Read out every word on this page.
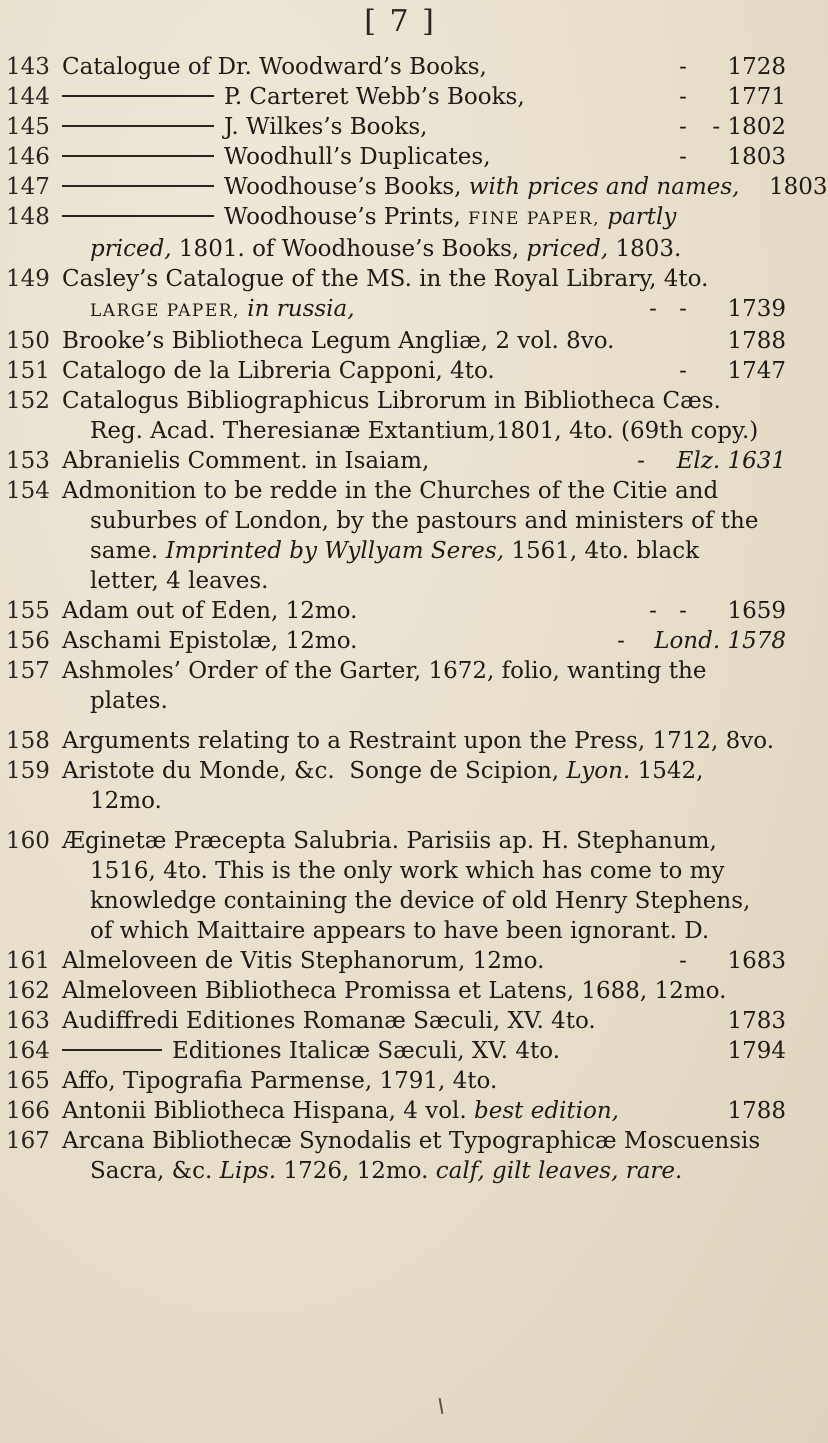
[ 7 ]
143 Catalogue of Dr. Woodward’s Books,	-	1728
144	P. Carteret Webb’s Books,	-	1771
145	J. Wilkes’s Books,	-	- 1802
146	Woodhull’s Duplicates,	-	1803
147	Woodhouse’s Books, with prices and names,	1803
148	Woodhouse’s Prints, FINE PAPER, partly
priced, 1801. of Woodhouse’s Books, priced, 1803.
149 Casley’s Catalogue of the MS. in the Royal Library, 4to.
LARGE PAPER, in russia,	- -	1739
150 Brooke’s Bibliotheca Legum Angliæ, 2 vol. 8vo.	1788
151 Catalogo de la Libreria Capponi, 4to.	-	1747
152 Catalogus Bibliographicus Librorum in Bibliotheca Cæs.
Reg. Acad. Theresianæ Extantium,1801, 4to. (69th copy.)
153 Abranielis Comment. in Isaiam,	-	Elz. 1631
154 Admonition to be redde in the Churches of the Citie and
suburbes of London, by the pastours and ministers of the
same. Imprinted by Wyllyam Seres, 1561, 4to. black
letter, 4 leaves.
155 Adam out of Eden, 12mo.	- -	1659
156 Aschami Epistolæ, 12mo.	-	Lond. 1578
157 Ashmoles’ Order of the Garter, 1672, folio, wanting the
plates.
158 Arguments relating to a Restraint upon the Press, 1712, 8vo.
159 Aristote du Monde, &c. Songe de Scipion, Lyon. 1542,
12mo.
160 Æginetæ Præcepta Salubria. Parisiis ap. H. Stephanum,
1516, 4to. This is the only work which has come to my
knowledge containing the device of old Henry Stephens,
of which Maittaire appears to have been ignorant. D.
161 Almeloveen de Vitis Stephanorum, 12mo.	-	1683
162 Almeloveen Bibliotheca Promissa et Latens, 1688, 12mo.
163 Audiffredi Editiones Romanæ Sæculi, XV. 4to.	1783
164	Editiones Italicæ Sæculi, XV. 4to.	1794
165 Affo, Tipografia Parmense, 1791, 4to.
166 Antonii Bibliotheca Hispana, 4 vol. best edition,	1788
167 Arcana Bibliothecæ Synodalis et Typographicæ Moscuensis
Sacra, &c. Lips. 1726, 12mo. calf, gilt leaves, rare.
